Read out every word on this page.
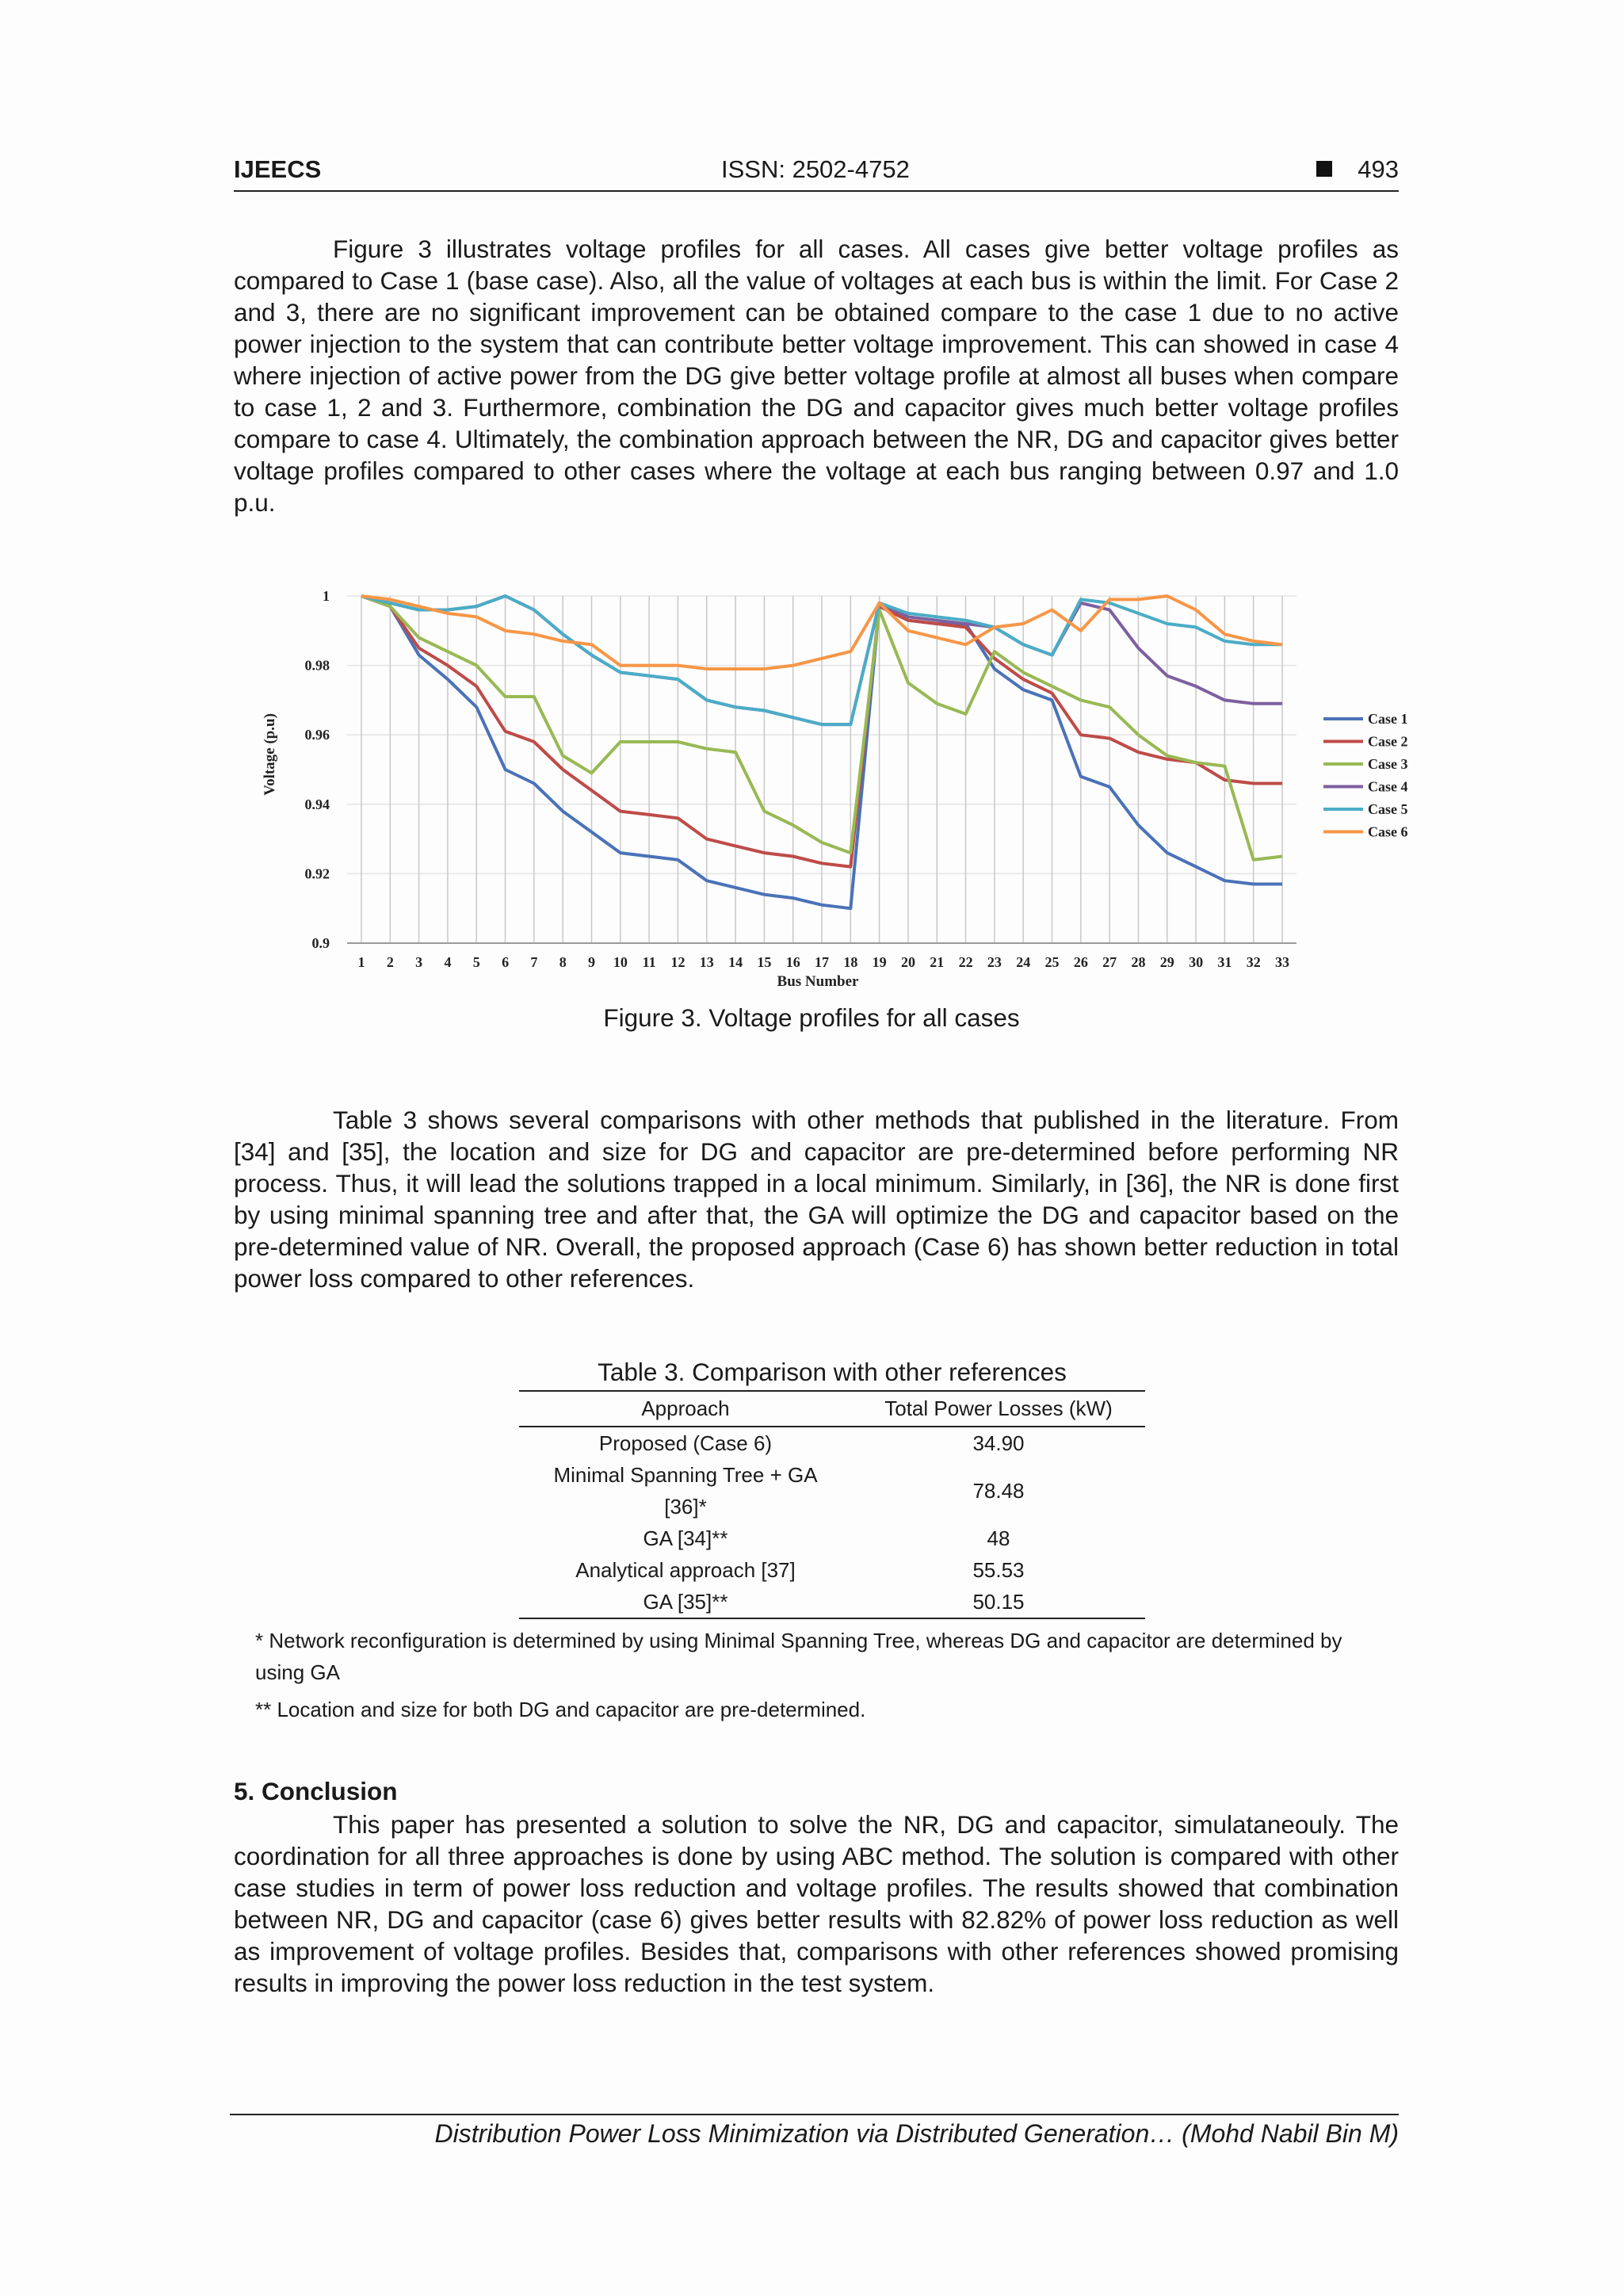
IJEECS	ISSN: 2502-4752	493

Figure 3 illustrates voltage profiles for all cases. All cases give better voltage profiles as compared to Case 1 (base case). Also, all the value of voltages at each bus is within the limit. For Case 2 and 3, there are no significant improvement can be obtained compare to the case 1 due to no active power injection to the system that can contribute better voltage improvement. This can showed in case 4 where injection of active power from the DG give better voltage profile at almost all buses when compare to case 1, 2 and 3. Furthermore, combination the DG and capacitor gives much better voltage profiles compare to case 4. Ultimately, the combination approach between the NR, DG and capacitor gives better voltage profiles compared to other cases where the voltage at each bus ranging between 0.97 and 1.0 p.u.

1
0.98
0.96
0.94
0.92
0.9
1 2 3 4 5 6 7 8 9 10 11 12 13 14 15 16 17 18 19 20 21 22 23 24 25 26 27 28 29 30 31 32 33
Bus Number
Voltage (p.u)	Case 1
Case 2
Case 3
Case 4
Case 5
Case 6
Figure 3. Voltage profiles for all cases

Table 3 shows several comparisons with other methods that published in the literature. From [34] and [35], the location and size for DG and capacitor are pre-determined before performing NR process. Thus, it will lead the solutions trapped in a local minimum. Similarly, in [36], the NR is done first by using minimal spanning tree and after that, the GA will optimize the DG and capacitor based on the pre-determined value of NR. Overall, the proposed approach (Case 6) has shown better reduction in total power loss compared to other references.

Table 3. Comparison with other references
Approach	Total Power Losses (kW)
Proposed (Case 6)	34.90

Minimal Spanning Tree + GA
[36]*	78.48
GA [34]**	48
Analytical approach [37]	55.53
GA [35]**	50.15

* Network reconfiguration is determined by using Minimal Spanning Tree, whereas DG and capacitor are determined by
using GA

** Location and size for both DG and capacitor are pre-determined.

5. Conclusion

This paper has presented a solution to solve the NR, DG and capacitor, simulataneouly. The coordination for all three approaches is done by using ABC method. The solution is compared with other case studies in term of power loss reduction and voltage profiles. The results showed that combination between NR, DG and capacitor (case 6) gives better results with 82.82% of power loss reduction as well as improvement of voltage profiles. Besides that, comparisons with other references showed promising results in improving the power loss reduction in the test system.

Distribution Power Loss Minimization via Distributed Generation… (Mohd Nabil Bin M)
